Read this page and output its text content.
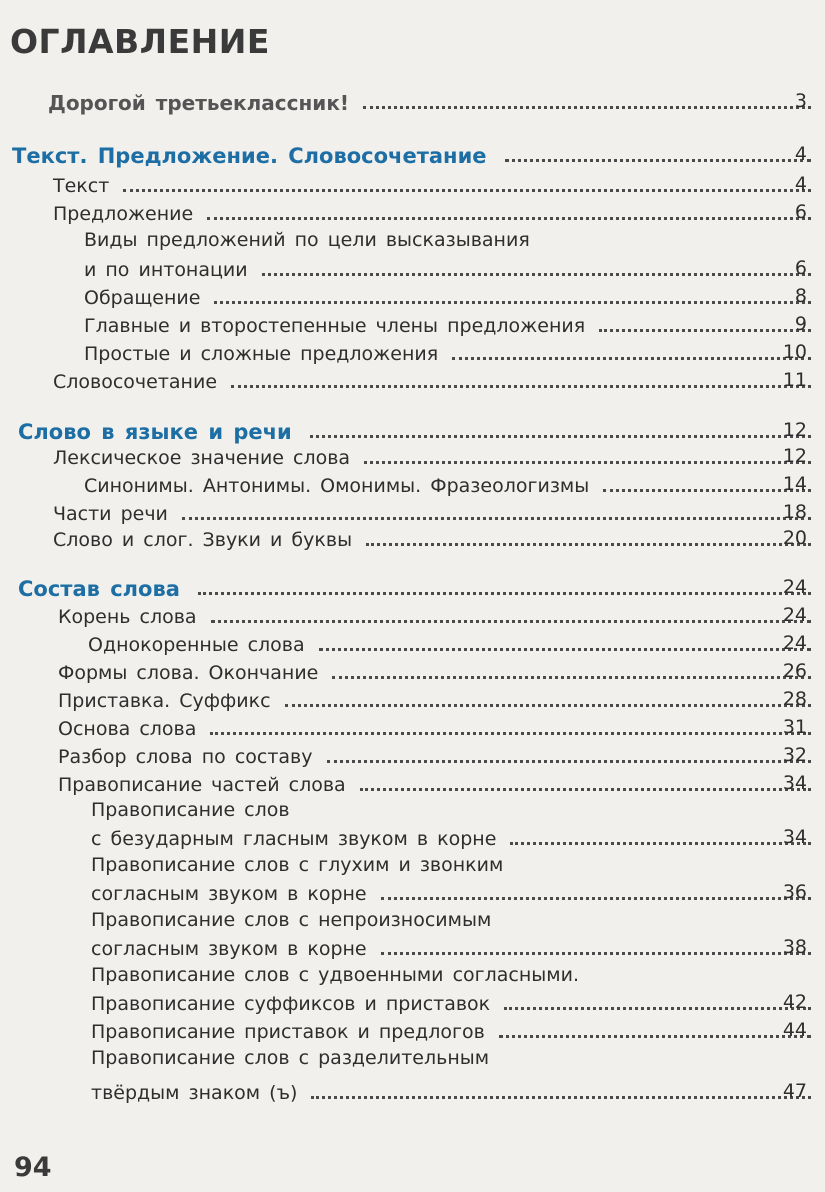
ОГЛАВЛЕНИЕ
Дорогой третьеклассник!	3
Текст. Предложение. Словосочетание	4
Текст	4
Предложение	6
Виды предложений по цели высказывания
и по интонации	6
Обращение	8
Главные и второстепенные члены предложения	9
Простые и сложные предложения	10
Словосочетание	11
Слово в языке и речи	12
Лексическое значение слова	12
Синонимы. Антонимы. Омонимы. Фразеологизмы	14
Части речи	18
Слово и слог. Звуки и буквы	20
Состав слова	24
Корень слова	24
Однокоренные слова	24
Формы слова. Окончание	26
Приставка. Суффикс	28
Основа слова	31
Разбор слова по составу	32
Правописание частей слова	34
Правописание слов
с безударным гласным звуком в корне	34
Правописание слов с глухим и звонким
согласным звуком в корне	36
Правописание слов с непроизносимым
согласным звуком в корне	38
Правописание слов с удвоенными согласными.
Правописание суффиксов и приставок	42
Правописание приставок и предлогов	44
Правописание слов с разделительным
твёрдым знаком (ъ)	47
94
